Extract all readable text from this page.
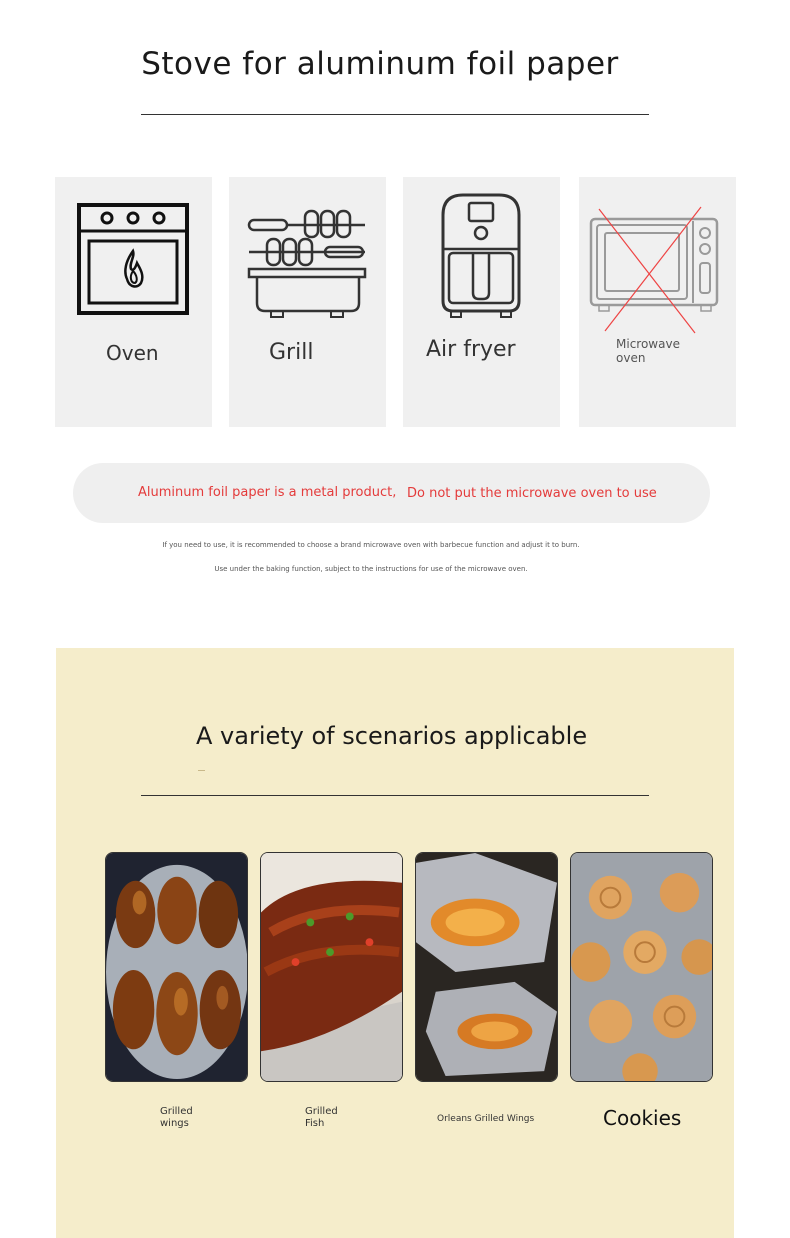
Stove for aluminum foil paper
Oven	Grill	Air fryer	Microwave
oven
Aluminum foil paper is a metal product, Do not put the microwave oven to use
If you need to use, it is recommended to choose a brand microwave oven with barbecue function and adjust it to burn.
Use under the baking function, subject to the instructions for use of the microwave oven.
A variety of scenarios applicable
Grilled
wings
Grilled
Fish	Orleans Grilled Wings	Cookies
